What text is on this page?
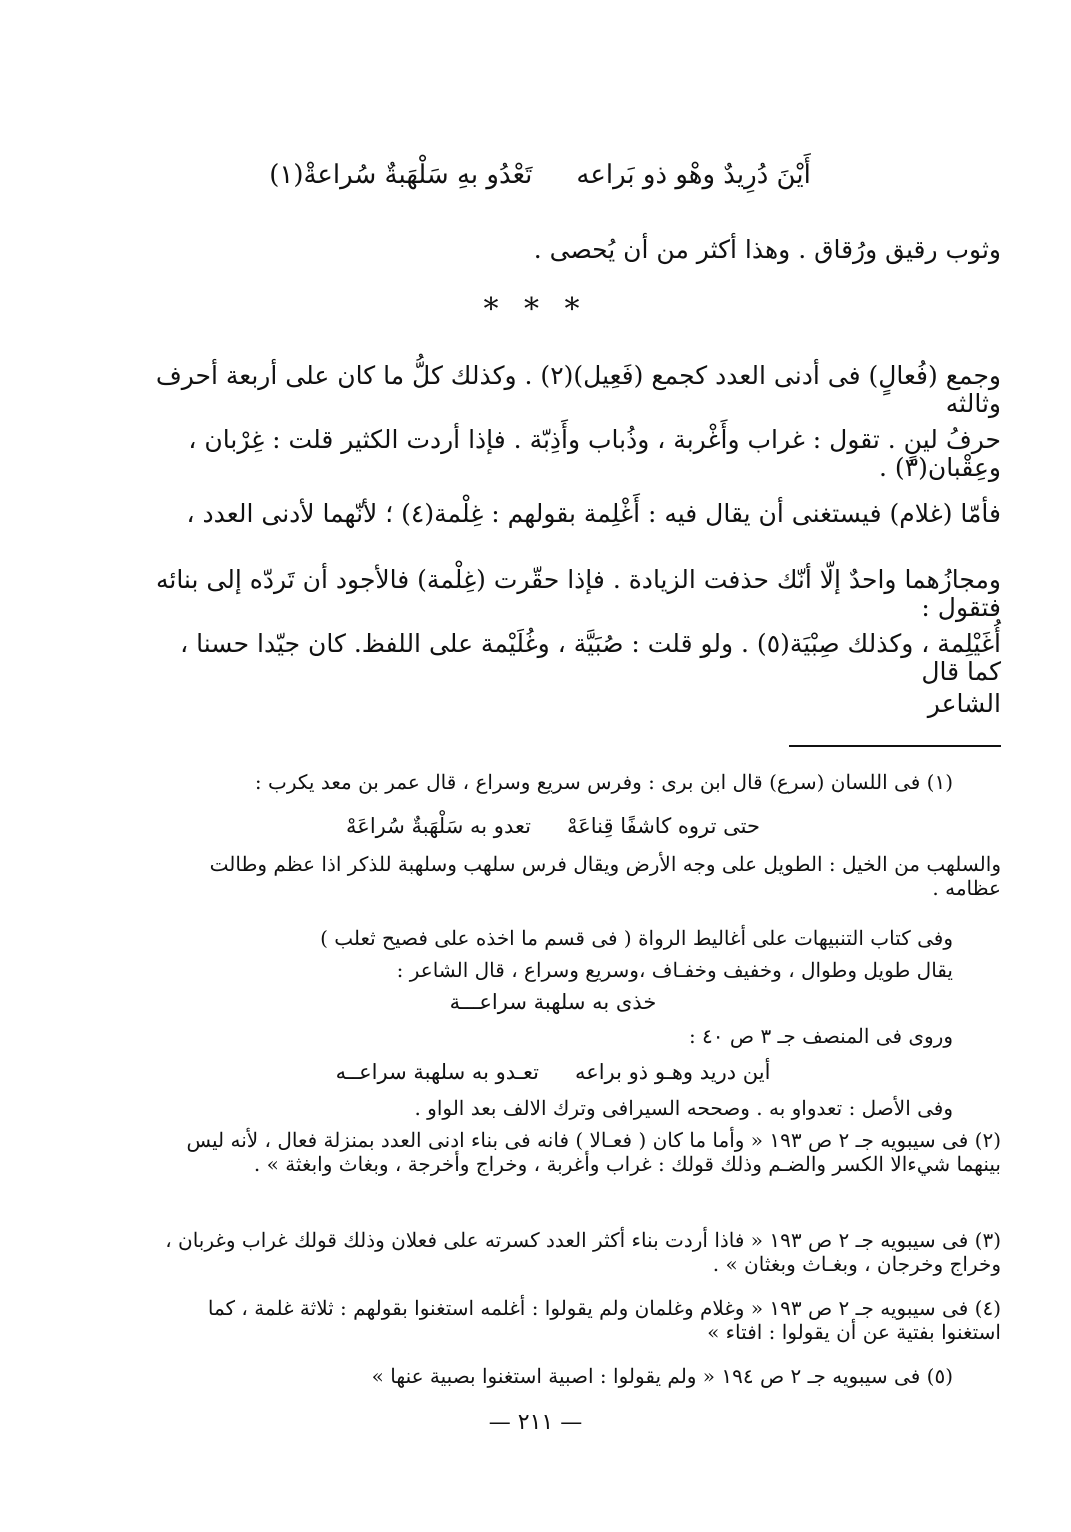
أَيْنَ دُرِيدٌ وهْو ذو بَراعه
تَعْدُو بهِ سَلْهَبةٌ سُراعةْ(١)
وثوب رقيق ورُقاق . وهذا أكثر من أن يُحصى .
* * *
وجمع (فُعالٍ) فى أدنى العدد كجمع (فَعِيل)(٢) . وكذلك كلُّ ما كان على أربعة أحرف وثالثه
حرفُ لينٍ . تقول : غراب وأَغْربة ، وذُباب وأَذِبّة . فإذا أردت الكثير قلت : غِرْبان ، وعِقْبان(٣) .
فأمّا (غلام) فيستغنى أن يقال فيه : أَغْلِمة بقولهم : غِلْمة(٤) ؛ لأنّهما لأدنى العدد ،
ومجازُهما واحدٌ إلّا أنّك حذفت الزيادة . فإذا حقّرت (غِلْمة) فالأجود أن تَردّه إلى بنائه فتقول :
أُغَيْلِمة ، وكذلك صِبْيَة(٥) . ولو قلت : صُبَيَّة ، وغُلَيْمة على اللفظ. كان جيّدا حسنا ، كما قال
الشاعر
(١) فى اللسان (سرع) قال ابن برى : وفرس سريع وسراع ، قال عمر بن معد يكرب :
حتى تروه كاشفًا قِناعَهْ
تعدو به سَلْهَبةٌ سُراعَهْ
والسلهب من الخيل : الطويل على وجه الأرض ويقال فرس سلهب وسلهبة للذكر اذا عظم وطالت عظامه .
وفى كتاب التنبيهات على أغاليط الرواة ( فى قسم ما اخذه على فصيح ثعلب )
يقال طويل وطوال ، وخفيف وخفـاف ،وسريع وسراع ، قال الشاعر :
خذى به سلهبة سراعـــة
وروى فى المنصف جـ ٣ ص ٤٠ :
أين دريد وهـو ذو براعه
تعـدو به سلهبة سراعــه
وفى الأصل : تعدواو به . وصححه السيرافى وترك الالف بعد الواو .
(٢) فى سيبويه جـ ٢ ص ١٩٣ « وأما ما كان ( فعـالا ) فانه فى بناء ادنى العدد بمنزلة فعال ، لأنه ليس بينهما شيءالا الكسر والضـم وذلك قولك : غراب وأغربة ، وخراج وأخرجة ، وبغاث وابغثة » .
(٣) فى سيبويه جـ ٢ ص ١٩٣ « فاذا أردت بناء أكثر العدد كسرته على فعلان وذلك قولك غراب وغربان ، وخراج وخرجان ، وبغـاث وبغثان » .
(٤) فى سيبويه جـ ٢ ص ١٩٣ « وغلام وغلمان ولم يقولوا : أغلمه استغنوا بقولهم : ثلاثة غلمة ، كما استغنوا بفتية عن أن يقولوا : افتاء »
(٥) فى سيبويه جـ ٢ ص ١٩٤ « ولم يقولوا : اصبية استغنوا بصبية عنها »
— ٢١١ —
